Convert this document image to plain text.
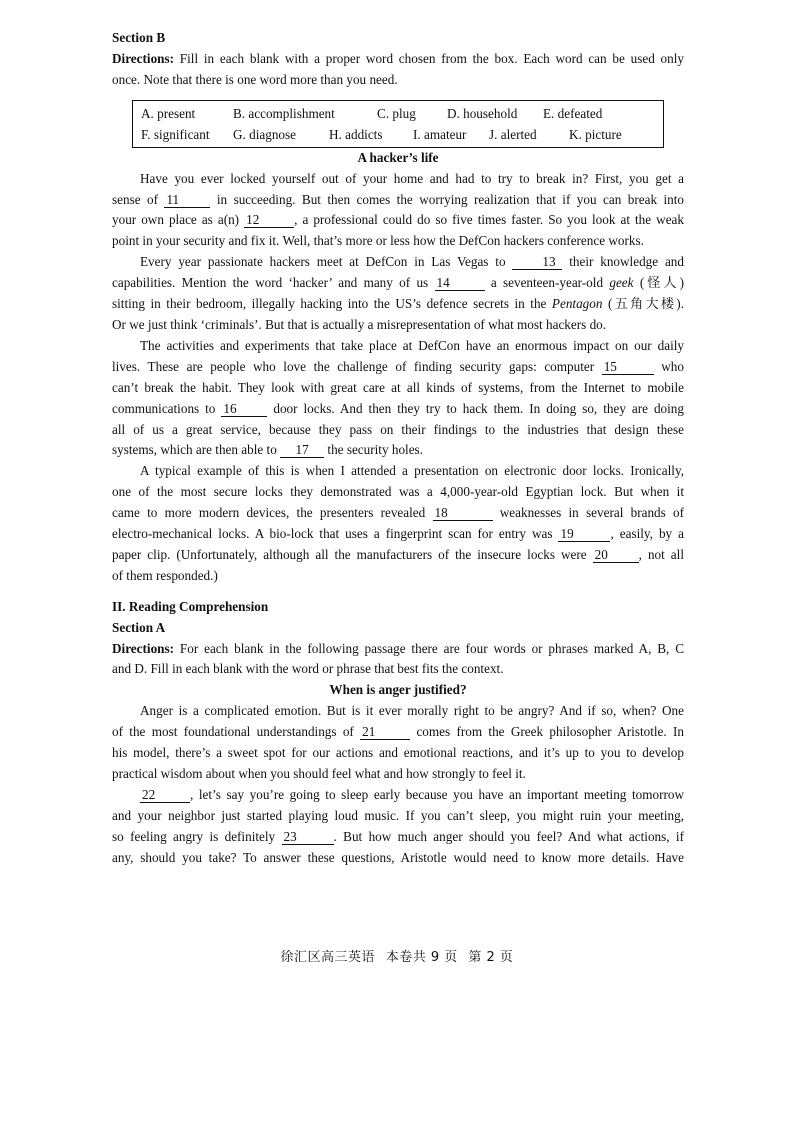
Section B
Directions: Fill in each blank with a proper word chosen from the box. Each word can be used only
once. Note that there is one word more than you need.
A. present	B. accomplishment	C. plug	D. household	E. defeated
F. significant	G. diagnose	H. addicts	I. amateur	J. alerted	K. picture
A hacker’s life
Have you ever locked yourself out of your home and had to try to break in? First, you get a
sense of 11 in succeeding. But then comes the worrying realization that if you can break into
your own place as a(n) 12	, a professional could do so five times faster. So you look at the weak
point in your security and fix it. Well, that’s more or less how the DefCon hackers conference works.
Every year passionate hackers meet at DefCon in Las Vegas to 13 their knowledge and
capabilities. Mention the word ‘hacker’ and many of us 14	a seventeen-year-old geek (怪人)
sitting in their bedroom, illegally hacking into the US’s defence secrets in the Pentagon (五角大楼).
Or we just think ‘criminals’. But that is actually a misrepresentation of what most hackers do.
The activities and experiments that take place at DefCon have an enormous impact on our daily
lives. These are people who love the challenge of finding security gaps: computer 15	who
can’t break the habit. They look with great care at all kinds of systems, from the Internet to mobile
communications to 16 door locks. And then they try to hack them. In doing so, they are doing
all of us a great service, because they pass on their findings to the industries that design these
systems, which are then able to 17 the security holes.
A typical example of this is when I attended a presentation on electronic door locks. Ironically,
one of the most secure locks they demonstrated was a 4,000-year-old Egyptian lock. But when it
came to more modern devices, the presenters revealed 18	weaknesses in several brands of
electro-mechanical locks. A bio-lock that uses a fingerprint scan for entry was 19	, easily, by a
paper clip. (Unfortunately, although all the manufacturers of the insecure locks were 20 , not all
of them responded.)
II. Reading Comprehension
Section A
Directions: For each blank in the following passage there are four words or phrases marked A, B, C
and D. Fill in each blank with the word or phrase that best fits the context.
When is anger justified?
Anger is a complicated emotion. But is it ever morally right to be angry? And if so, when? One
of the most foundational understandings of 21	comes from the Greek philosopher Aristotle. In
his model, there’s a sweet spot for our actions and emotional reactions, and it’s up to you to develop
practical wisdom about when you should feel what and how strongly to feel it.
22	, let’s say you’re going to sleep early because you have an important meeting tomorrow
and your neighbor just started playing loud music. If you can’t sleep, you might ruin your meeting,
so feeling angry is definitely 23	. But how much anger should you feel? And what actions, if
any, should you take? To answer these questions, Aristotle would need to know more details. Have
徐汇区高三英语 本卷共 9 页 第 2 页
